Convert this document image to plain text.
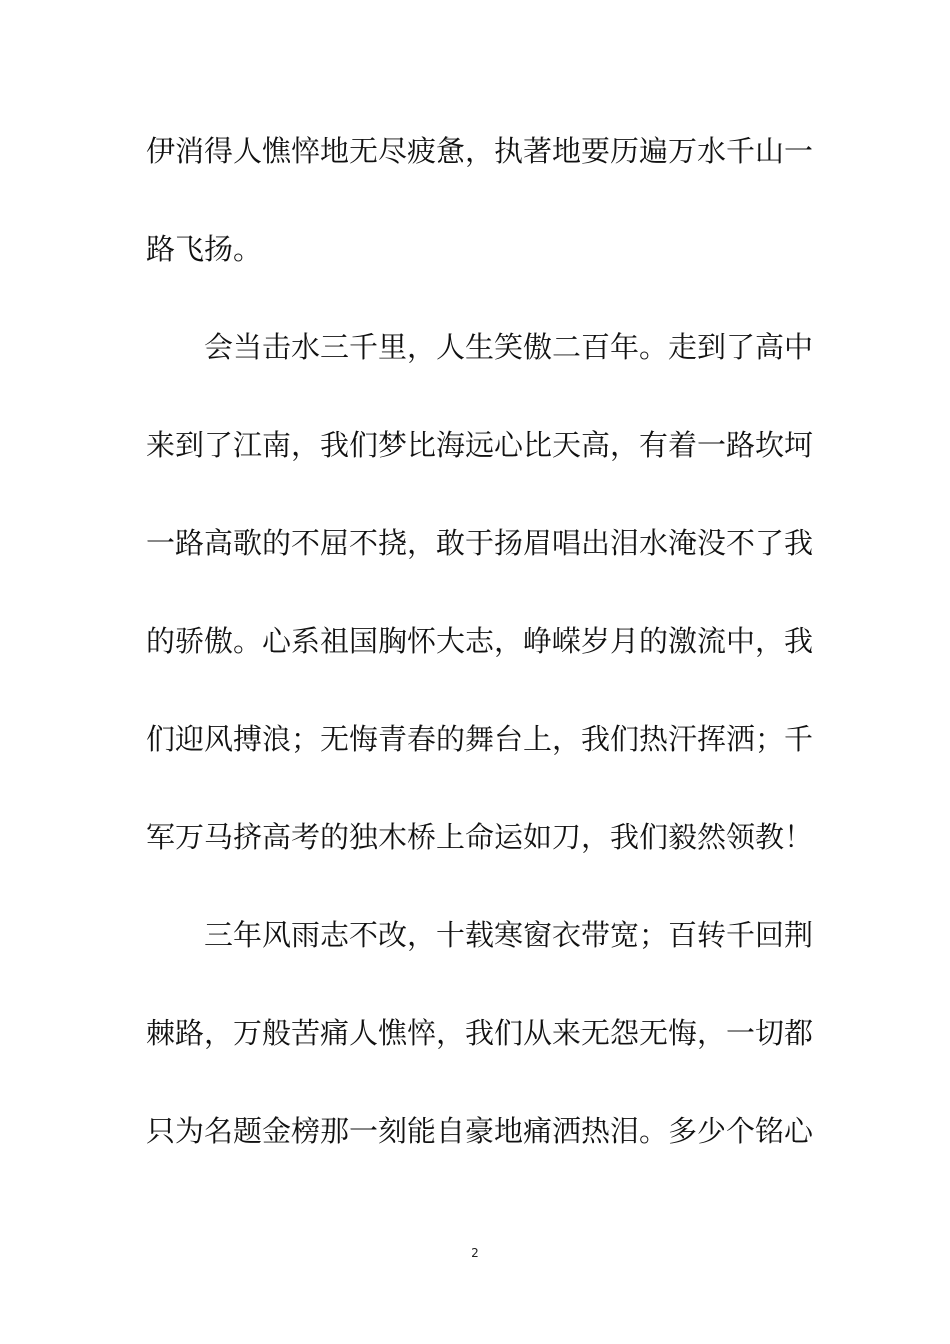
伊消得人憔悴地无尽疲惫，执著地要历遍万水千山一
路飞扬。
会当击水三千里，人生笑傲二百年。走到了高中
来到了江南，我们梦比海远心比天高，有着一路坎坷
一路高歌的不屈不挠，敢于扬眉唱出泪水淹没不了我
的骄傲。心系祖国胸怀大志，峥嵘岁月的激流中，我
们迎风搏浪；无悔青春的舞台上，我们热汗挥洒；千
军万马挤高考的独木桥上命运如刀，我们毅然领教！
三年风雨志不改，十载寒窗衣带宽；百转千回荆
棘路，万般苦痛人憔悴，我们从来无怨无悔，一切都
只为名题金榜那一刻能自豪地痛洒热泪。多少个铭心
2
